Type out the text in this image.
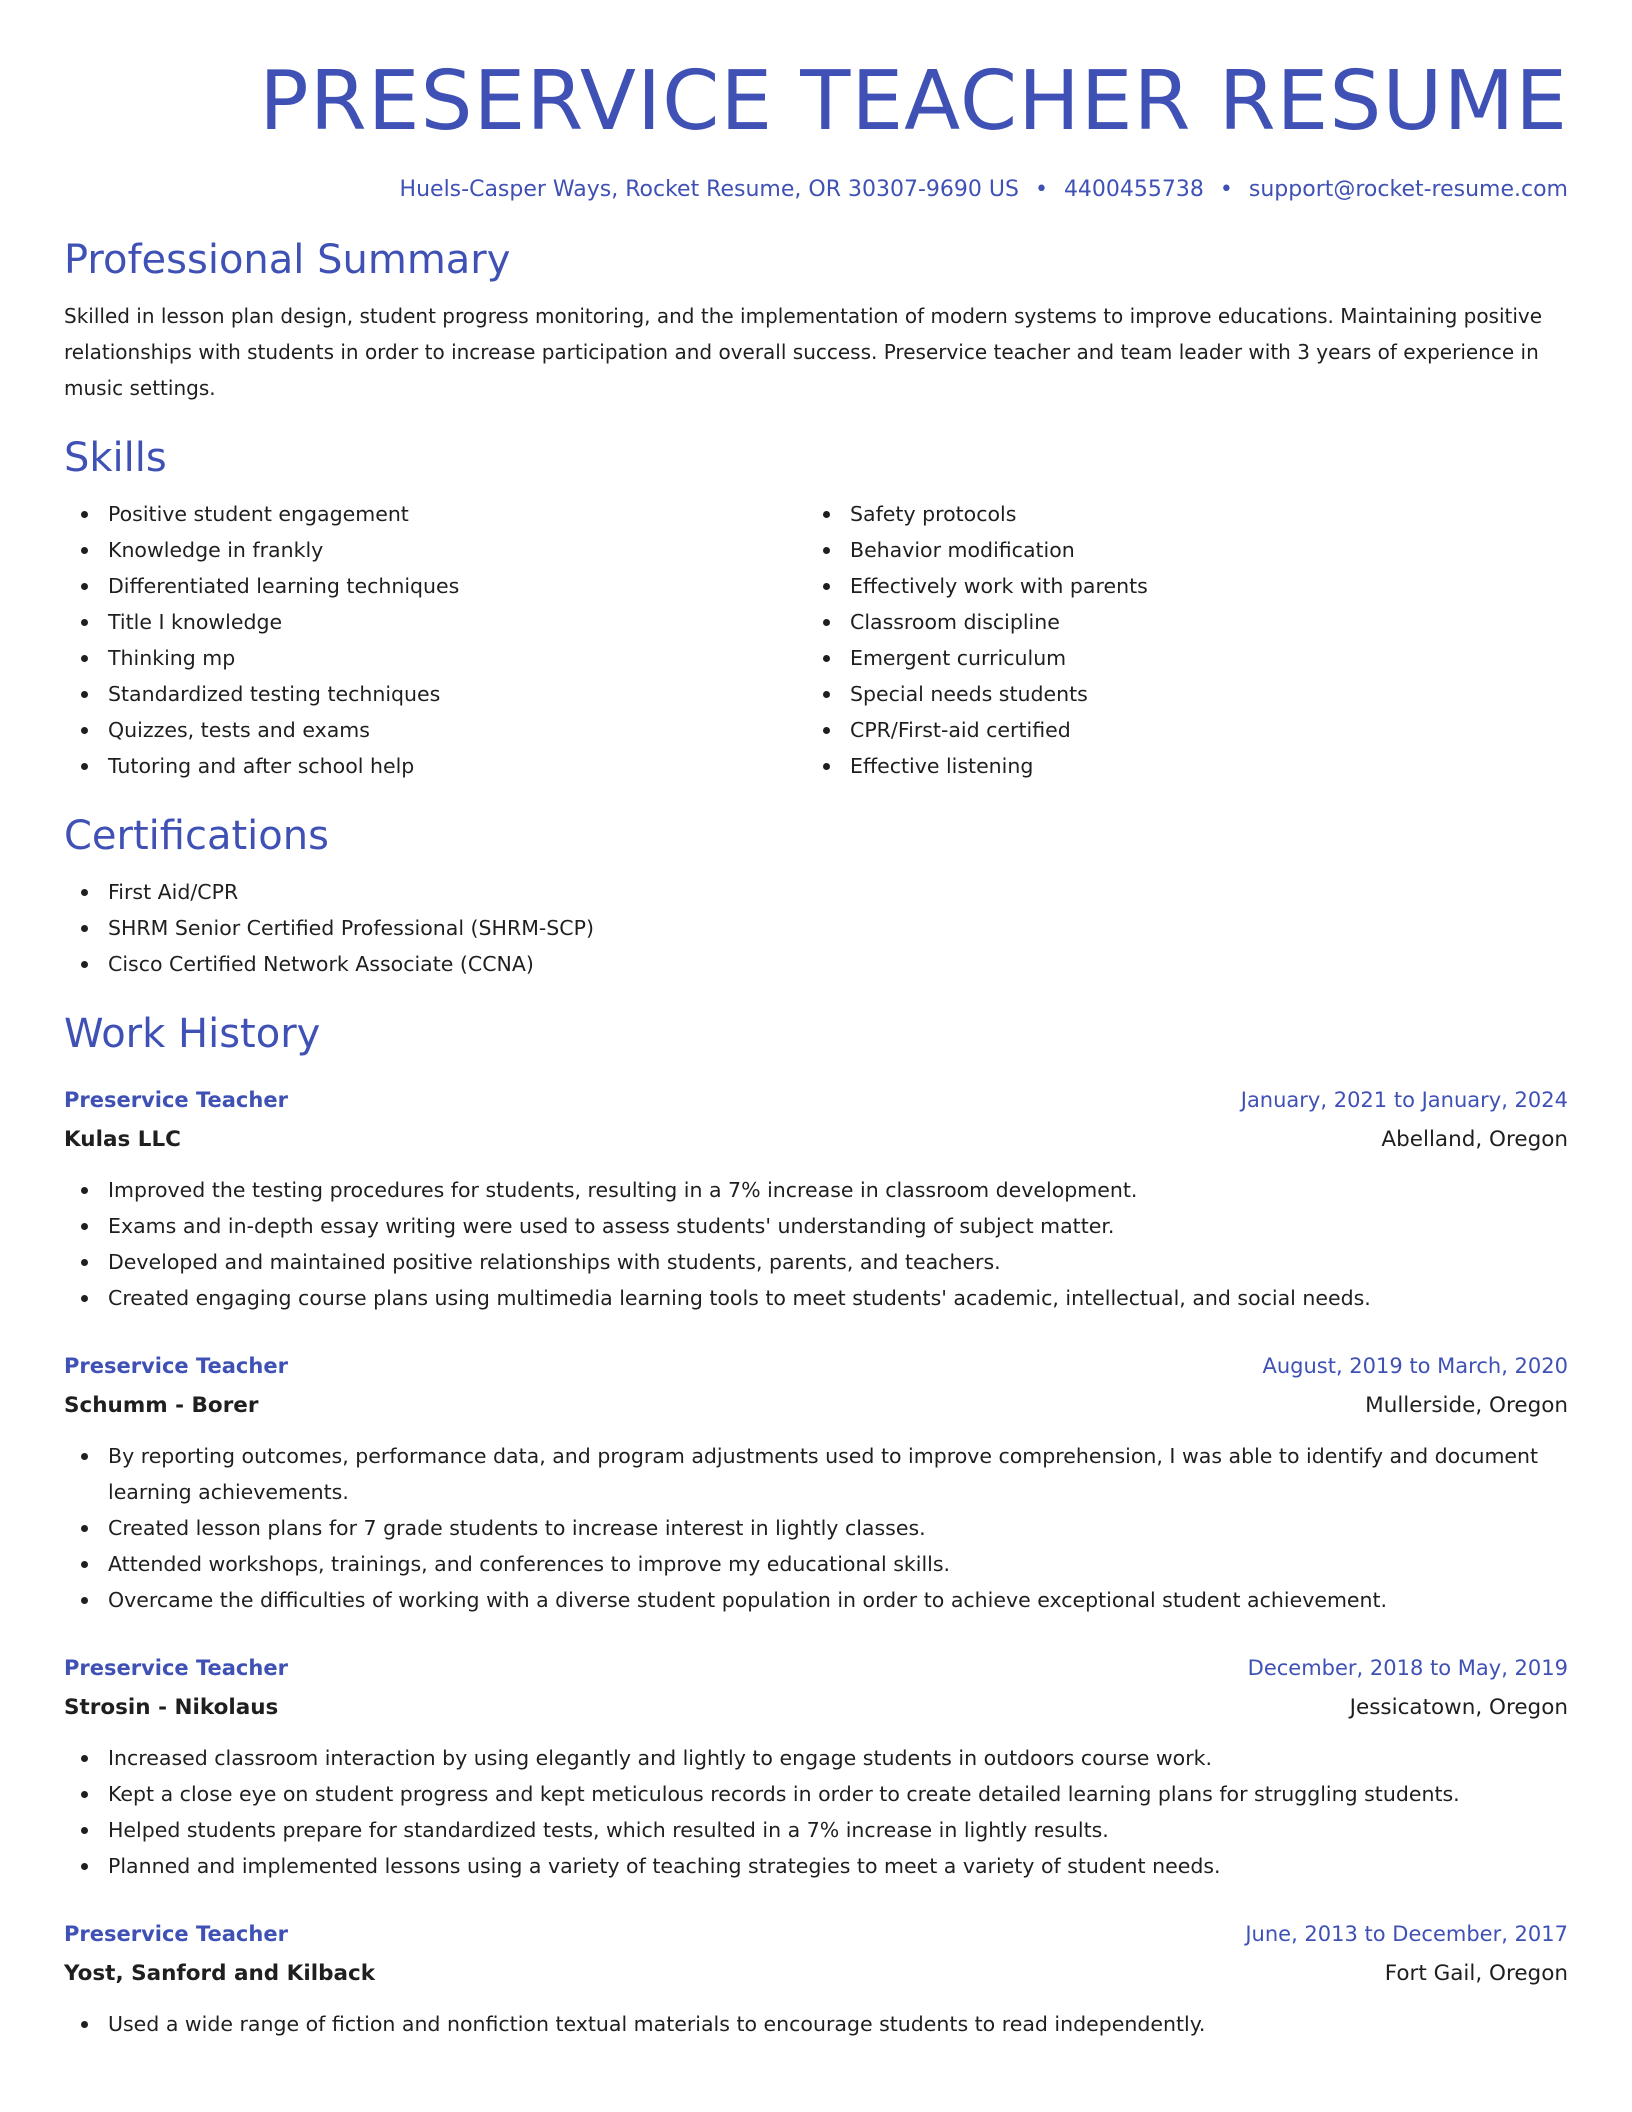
PRESERVICE TEACHER RESUME
Huels-Casper Ways, Rocket Resume, OR 30307-9690 US • 4400455738 • support@rocket-resume.com
Professional Summary

Skilled in lesson plan design, student progress monitoring, and the implementation of modern systems to improve educations. Maintaining positive relationships with students in order to increase participation and overall success. Preservice teacher and team leader with 3 years of experience in music settings.

Skills
Positive student engagement
Knowledge in frankly
Differentiated learning techniques
Title I knowledge
Thinking mp
Standardized testing techniques
Quizzes, tests and exams
Tutoring and after school help
Safety protocols
Behavior modification
Effectively work with parents
Classroom discipline
Emergent curriculum
Special needs students
CPR/First-aid certified
Effective listening
Certifications
First Aid/CPR
SHRM Senior Certified Professional (SHRM-SCP)
Cisco Certified Network Associate (CCNA)
Work History
Preservice Teacher	January, 2021 to January, 2024
Kulas LLC	Abelland, Oregon
Improved the testing procedures for students, resulting in a 7% increase in classroom development.
Exams and in-depth essay writing were used to assess students' understanding of subject matter.
Developed and maintained positive relationships with students, parents, and teachers.
Created engaging course plans using multimedia learning tools to meet students' academic, intellectual, and social needs.
Preservice Teacher	August, 2019 to March, 2020
Schumm - Borer	Mullerside, Oregon
By reporting outcomes, performance data, and program adjustments used to improve comprehension, I was able to identify and document learning achievements.
Created lesson plans for 7 grade students to increase interest in lightly classes.
Attended workshops, trainings, and conferences to improve my educational skills.
Overcame the difficulties of working with a diverse student population in order to achieve exceptional student achievement.
Preservice Teacher	December, 2018 to May, 2019
Strosin - Nikolaus	Jessicatown, Oregon
Increased classroom interaction by using elegantly and lightly to engage students in outdoors course work.
Kept a close eye on student progress and kept meticulous records in order to create detailed learning plans for struggling students.
Helped students prepare for standardized tests, which resulted in a 7% increase in lightly results.
Planned and implemented lessons using a variety of teaching strategies to meet a variety of student needs.
Preservice Teacher	June, 2013 to December, 2017
Yost, Sanford and Kilback	Fort Gail, Oregon
Used a wide range of fiction and nonfiction textual materials to encourage students to read independently.
